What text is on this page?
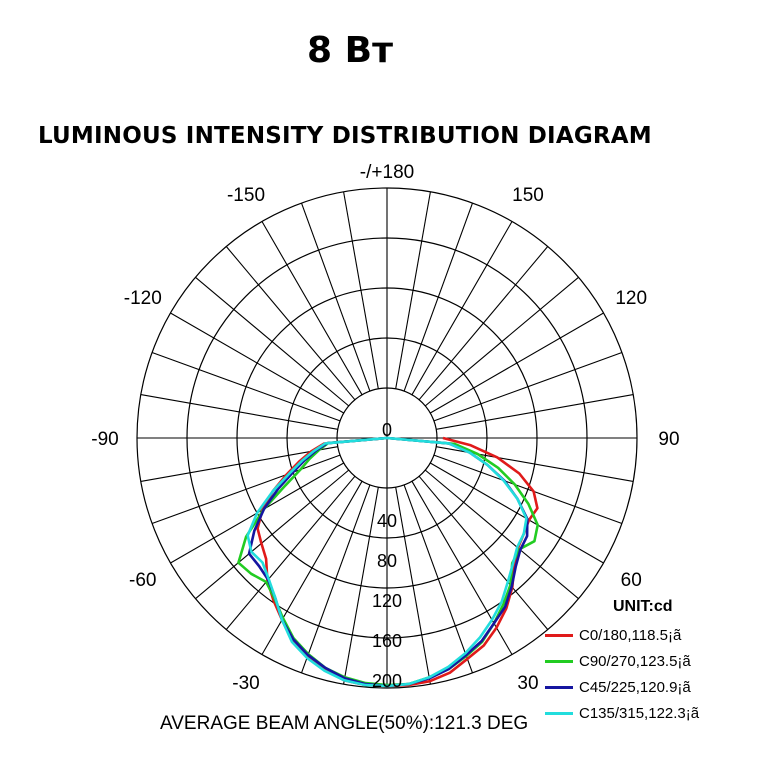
8 Вт
LUMINOUS INTENSITY DISTRIBUTION DIAGRAM
-/+180
-150	150
-120	120
-90	90
-60	60
-30	30
0
40
80
120
160
200
AVERAGE BEAM ANGLE(50%):121.3 DEG
UNIT:cd
C0/180,118.5¡ã
C90/270,123.5¡ã
C45/225,120.9¡ã
C135/315,122.3¡ã
